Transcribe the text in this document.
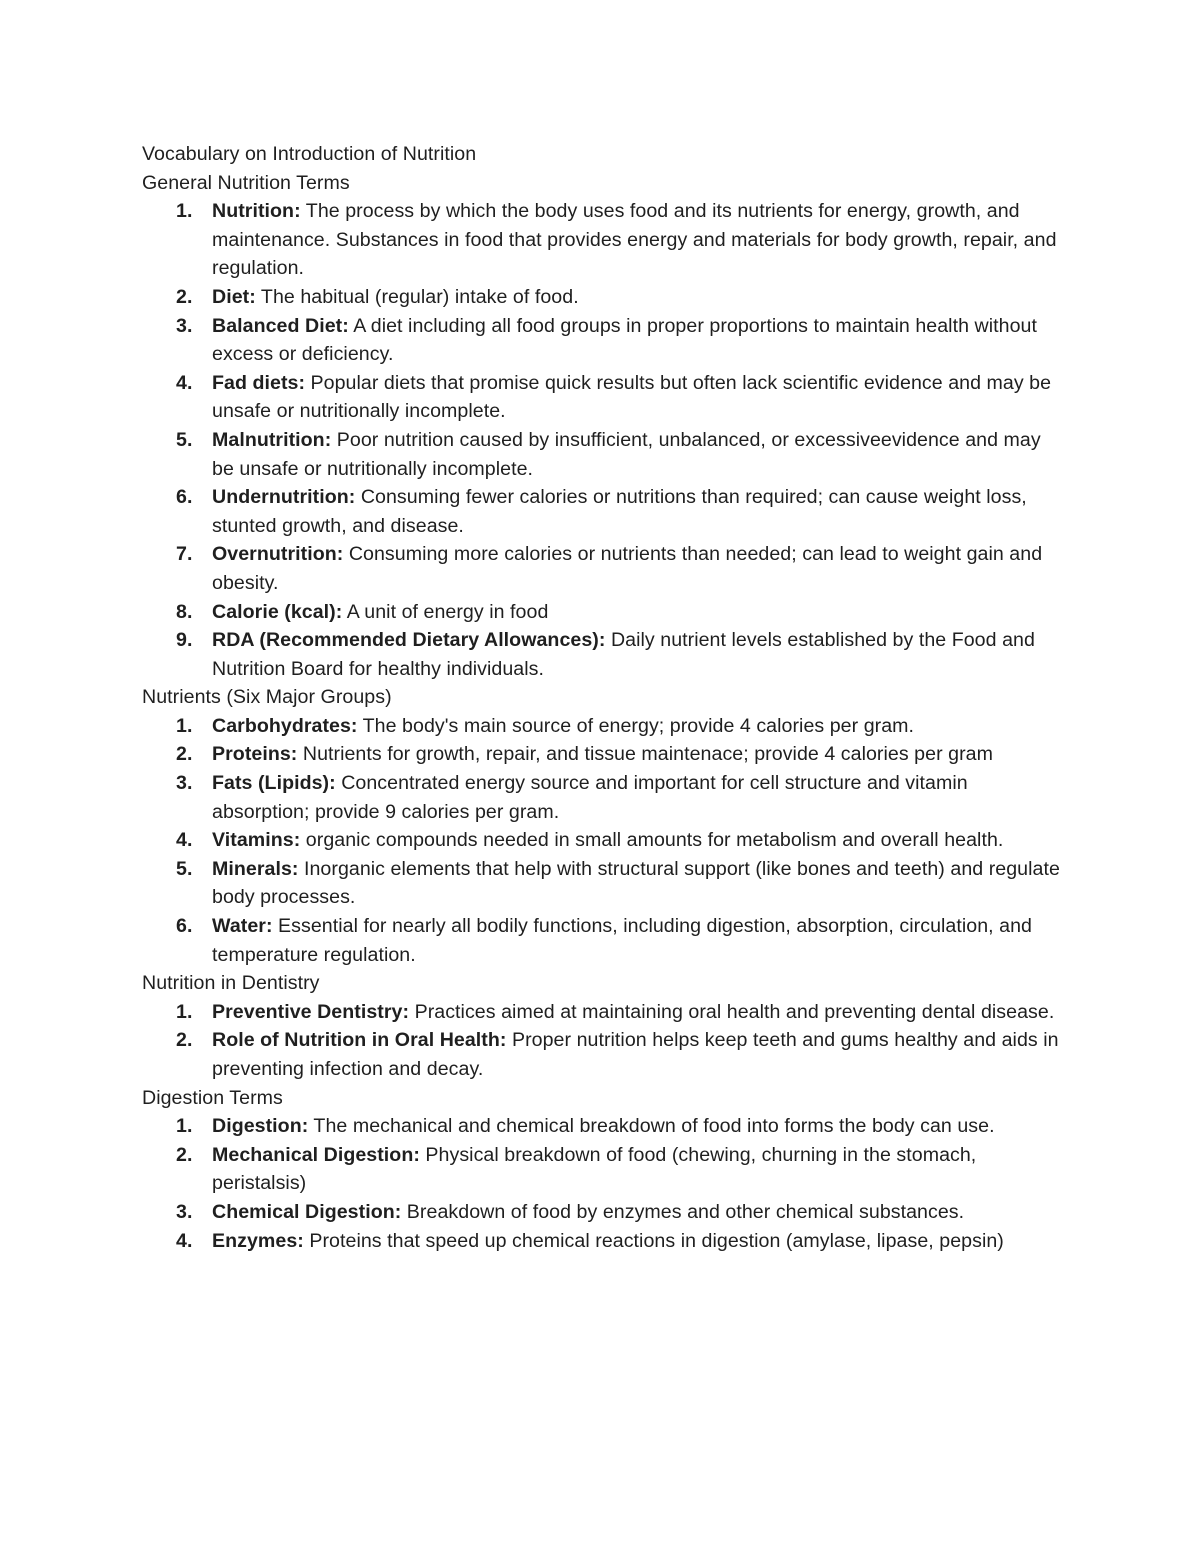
Vocabulary on Introduction of Nutrition

General Nutrition Terms

1. Nutrition: The process by which the body uses food and its nutrients for energy, growth, and maintenance. Substances in food that provides energy and materials for body growth, repair, and regulation.
2. Diet: The habitual (regular) intake of food.
3. Balanced Diet: A diet including all food groups in proper proportions to maintain health without excess or deficiency.
4. Fad diets: Popular diets that promise quick results but often lack scientific evidence and may be unsafe or nutritionally incomplete.
5. Malnutrition: Poor nutrition caused by insufficient, unbalanced, or excessiveevidence and may be unsafe or nutritionally incomplete.
6. Undernutrition: Consuming fewer calories or nutritions than required; can cause weight loss, stunted growth, and disease.
7. Overnutrition: Consuming more calories or nutrients than needed; can lead to weight gain and obesity.
8. Calorie (kcal): A unit of energy in food
9. RDA (Recommended Dietary Allowances): Daily nutrient levels established by the Food and Nutrition Board for healthy individuals.

Nutrients (Six Major Groups)

1. Carbohydrates: The body's main source of energy; provide 4 calories per gram.
2. Proteins: Nutrients for growth, repair, and tissue maintenace; provide 4 calories per gram
3. Fats (Lipids): Concentrated energy source and important for cell structure and vitamin absorption; provide 9 calories per gram.
4. Vitamins: organic compounds needed in small amounts for metabolism and overall health.
5. Minerals: Inorganic elements that help with structural support (like bones and teeth) and regulate body processes.
6. Water: Essential for nearly all bodily functions, including digestion, absorption, circulation, and temperature regulation.

Nutrition in Dentistry

1. Preventive Dentistry: Practices aimed at maintaining oral health and preventing dental disease.
2. Role of Nutrition in Oral Health: Proper nutrition helps keep teeth and gums healthy and aids in preventing infection and decay.

Digestion Terms

1. Digestion: The mechanical and chemical breakdown of food into forms the body can use.
2. Mechanical Digestion: Physical breakdown of food (chewing, churning in the stomach, peristalsis)
3. Chemical Digestion: Breakdown of food by enzymes and other chemical substances.
4. Enzymes: Proteins that speed up chemical reactions in digestion (amylase, lipase, pepsin)
